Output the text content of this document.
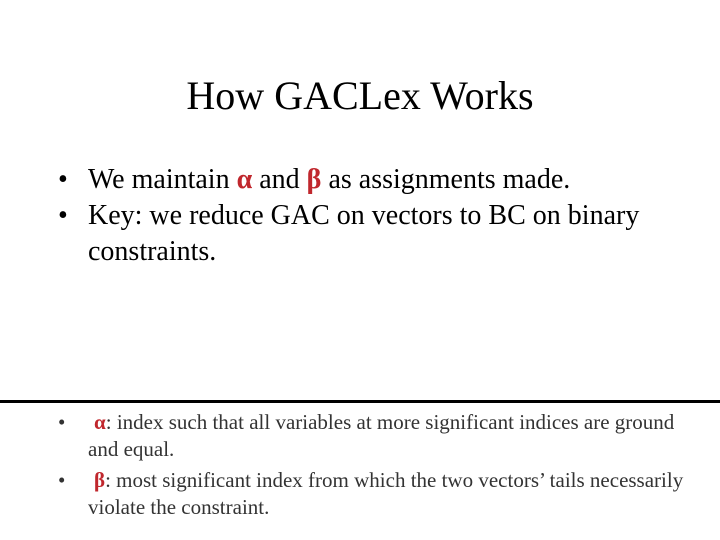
How GACLex Works
• We maintain α and β as assignments made.
• Key: we reduce GAC on vectors to BC on binary constraints.
• α: index such that all variables at more significant indices are ground and equal.
• β: most significant index from which the two vectors’ tails necessarily violate the constraint.
